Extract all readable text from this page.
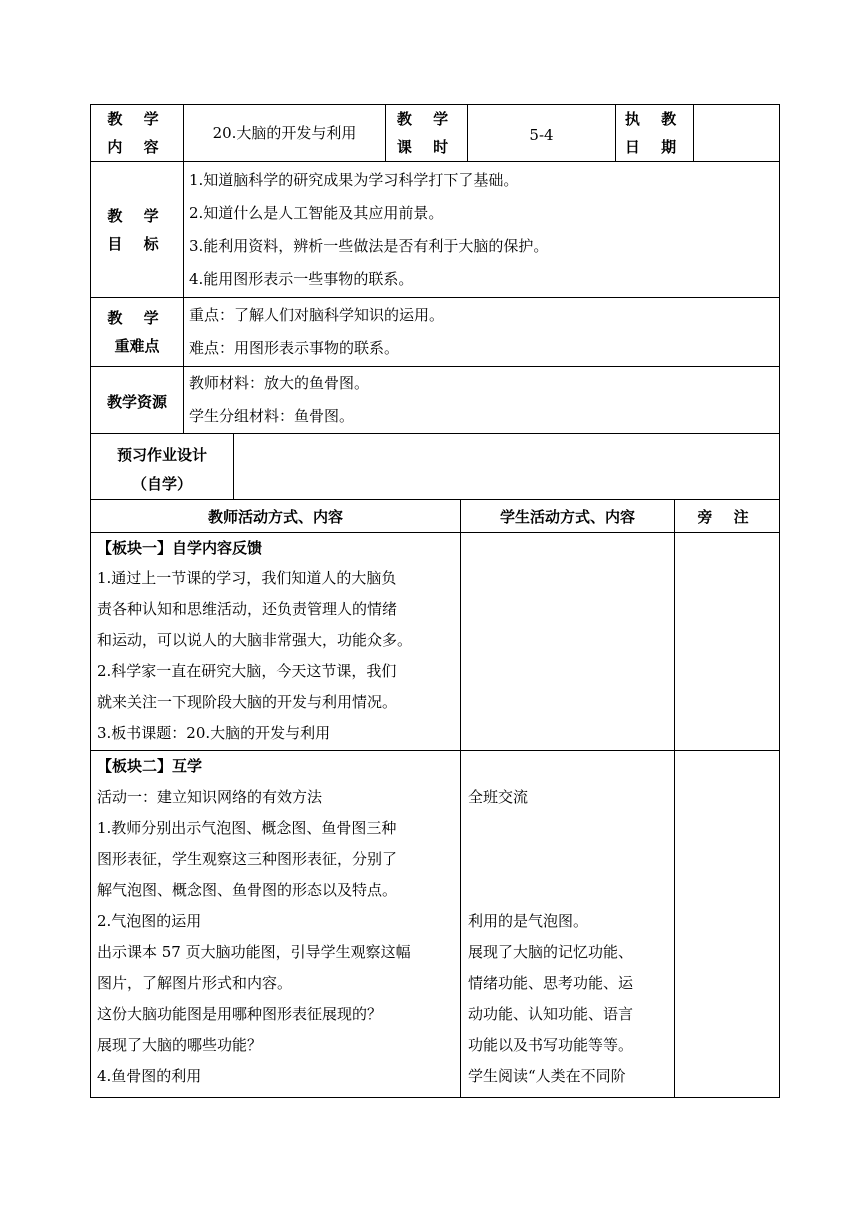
教 学
内 容
20.大脑的开发与利用
教 学
课 时
5-4
执 教
日 期
教 学
目 标
1.知道脑科学的研究成果为学习科学打下了基础。
2.知道什么是人工智能及其应用前景。
3.能利用资料，辨析一些做法是否有利于大脑的保护。
4.能用图形表示一些事物的联系。
教 学
重难点
重点：了解人们对脑科学知识的运用。
难点：用图形表示事物的联系。
教学资源
教师材料：放大的鱼骨图。
学生分组材料：鱼骨图。
预习作业设计
（自学）
教师活动方式、内容	学生活动方式、内容	旁 注
【板块一】自学内容反馈
1.通过上一节课的学习，我们知道人的大脑负
责各种认知和思维活动，还负责管理人的情绪
和运动，可以说人的大脑非常强大，功能众多。
2.科学家一直在研究大脑，今天这节课，我们
就来关注一下现阶段大脑的开发与利用情况。
3.板书课题：20.大脑的开发与利用
【板块二】互学
活动一：建立知识网络的有效方法
1.教师分别出示气泡图、概念图、鱼骨图三种
图形表征，学生观察这三种图形表征，分别了
解气泡图、概念图、鱼骨图的形态以及特点。
2.气泡图的运用
出示课本 57 页大脑功能图，引导学生观察这幅
图片，了解图片形式和内容。
这份大脑功能图是用哪种图形表征展现的？
展现了大脑的哪些功能？
4.鱼骨图的利用
全班交流
利用的是气泡图。
展现了大脑的记忆功能、
情绪功能、思考功能、运
动功能、认知功能、语言
功能以及书写功能等等。
学生阅读“人类在不同阶
